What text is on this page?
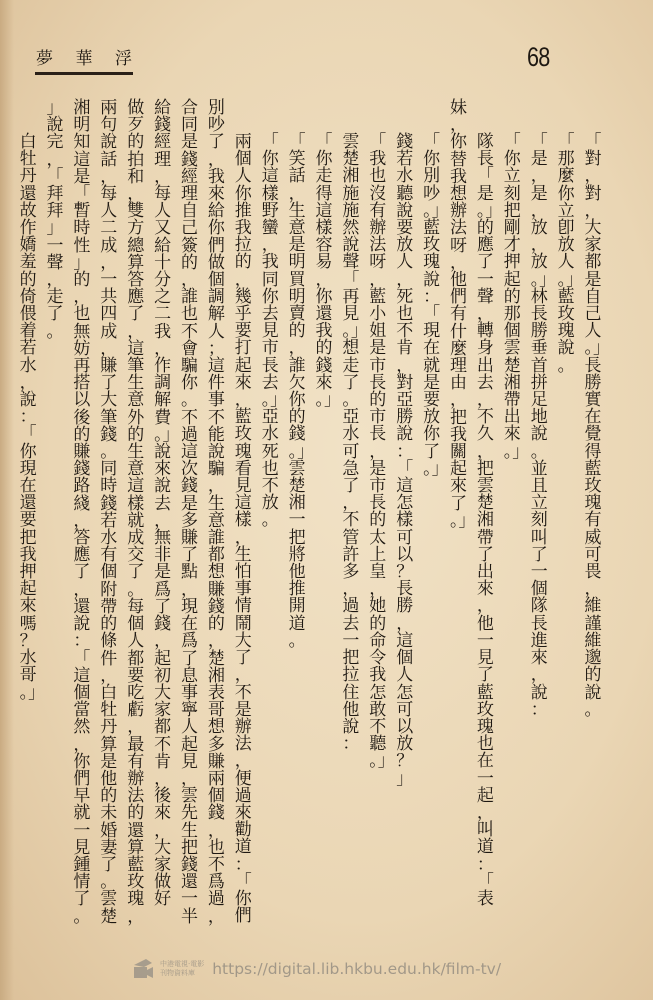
夢 華 浮	68
「對，對，大家都是自己人。」長勝實在覺得藍玫瑰有威可畏，維謹維邈的說。
「那麼你立卽放人。」藍玫瑰說。
「是，是，放，放。」林長勝垂首拼足地說。並且立刻叫了一個隊長進來，說：
「你立刻把剛才押起的那個雲楚湘帶出來。」
隊長「是。」的應了一聲，轉身出去，不久，把雲楚湘帶了出來，他一見了藍玫瑰也在一起，叫道：「表
妹，你替我想辦法呀，他們有什麼理由，把我關起來了。」
「你別吵。」藍玫瑰說：「現在就是要放你了。」
錢若水聽說要放人，死也不肯，對亞勝說：「這怎樣可以？長勝，這個人怎可以放？」
「我也沒有辦法呀，藍小姐是市長的市長，是市長的太上皇，她的命令我怎敢不聽。」
雲楚湘施施然說聲「再見。」想走了。亞水可急了，不管許多，過去一把拉住他說：
「你走得這樣容易，你還我的錢來。」
「笑話，生意是明買明賣的，誰欠你的錢。」雲楚湘一把將他推開道。
「你這樣野蠻，我同你去見市長去。」亞水死也不放。
兩個人你推我拉的，幾乎要打起來，藍玫瑰看見這樣，生怕事情鬧大了，不是辦法，便過來勸道：「你們
別吵了，我來給你們做個調解人；這件事不能說騙，生意誰都想賺錢的，楚湘表哥想多賺兩個錢，也不爲過，
合同是錢經理自己簽的，誰也不會騙你。不過這次錢是多賺了點，現在爲了息事寧人起見，雲先生把錢還一半
給錢經理，每人又給十分之二我，作調解費。」說來說去，無非是爲了錢，起初大家都不肯，後來，大家做好
做歹的拍和，雙方總算答應了，這筆生意外的生意這樣就成交了。每個人都要吃虧，最有辦法的還算藍玫瑰，
兩句說話，每人二成，一共四成，賺了大筆錢。同時錢若水有個附帶的條件，白牡丹算是他的未婚妻了。雲楚
湘明知這是「暫時性」的，也無妨再搭以後的賺錢路綫，答應了，還說：「這個當然，你們早就一見鍾情了。
」說完，「拜拜」一聲，走了。
白牡丹還故作嬌羞的倚偎着若水，說：「你現在還要把我押起來嗎？水哥。」
中港電視‧電影
刊物資料庫	https://digital.lib.hkbu.edu.hk/film-tv/
